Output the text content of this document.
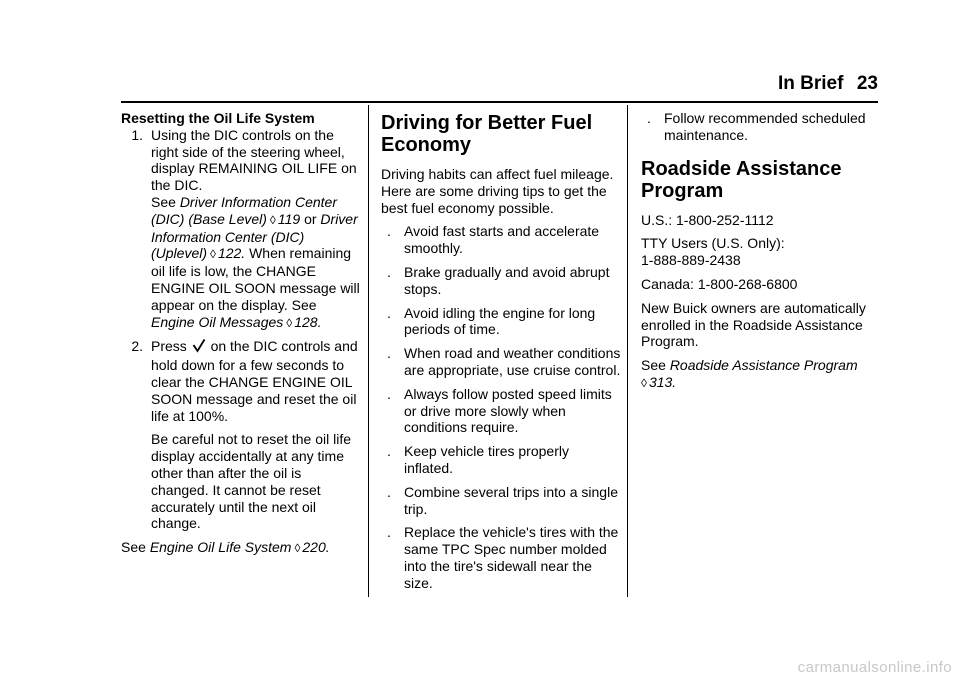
In Brief 23

Resetting the Oil Life System

1. Using the DIC controls on the right side of the steering wheel, display REMAINING OIL LIFE on the DIC.
See Driver Information Center (DIC) (Base Level) ◊ 119 or Driver Information Center (DIC) (Uplevel) ◊ 122. When remaining oil life is low, the CHANGE ENGINE OIL SOON message will appear on the display. See Engine Oil Messages ◊ 128.

2. Press on the DIC controls and hold down for a few seconds to clear the CHANGE ENGINE OIL SOON message and reset the oil life at 100%.

Be careful not to reset the oil life display accidentally at any time other than after the oil is changed. It cannot be reset accurately until the next oil change.

See Engine Oil Life System ◊ 220.

Driving for Better Fuel Economy

Driving habits can affect fuel mileage. Here are some driving tips to get the best fuel economy possible.

. Avoid fast starts and accelerate smoothly.
. Brake gradually and avoid abrupt stops.
. Avoid idling the engine for long periods of time.
. When road and weather conditions are appropriate, use cruise control.
. Always follow posted speed limits or drive more slowly when conditions require.
. Keep vehicle tires properly inflated.
. Combine several trips into a single trip.
. Replace the vehicle's tires with the same TPC Spec number molded into the tire's sidewall near the size.
. Follow recommended scheduled maintenance.
Roadside Assistance Program

U.S.: 1-800-252-1112

TTY Users (U.S. Only):

1-888-889-2438

Canada: 1-800-268-6800

New Buick owners are automatically enrolled in the Roadside Assistance Program.

See Roadside Assistance Program
◊ 313.

carmanualsonline.info
